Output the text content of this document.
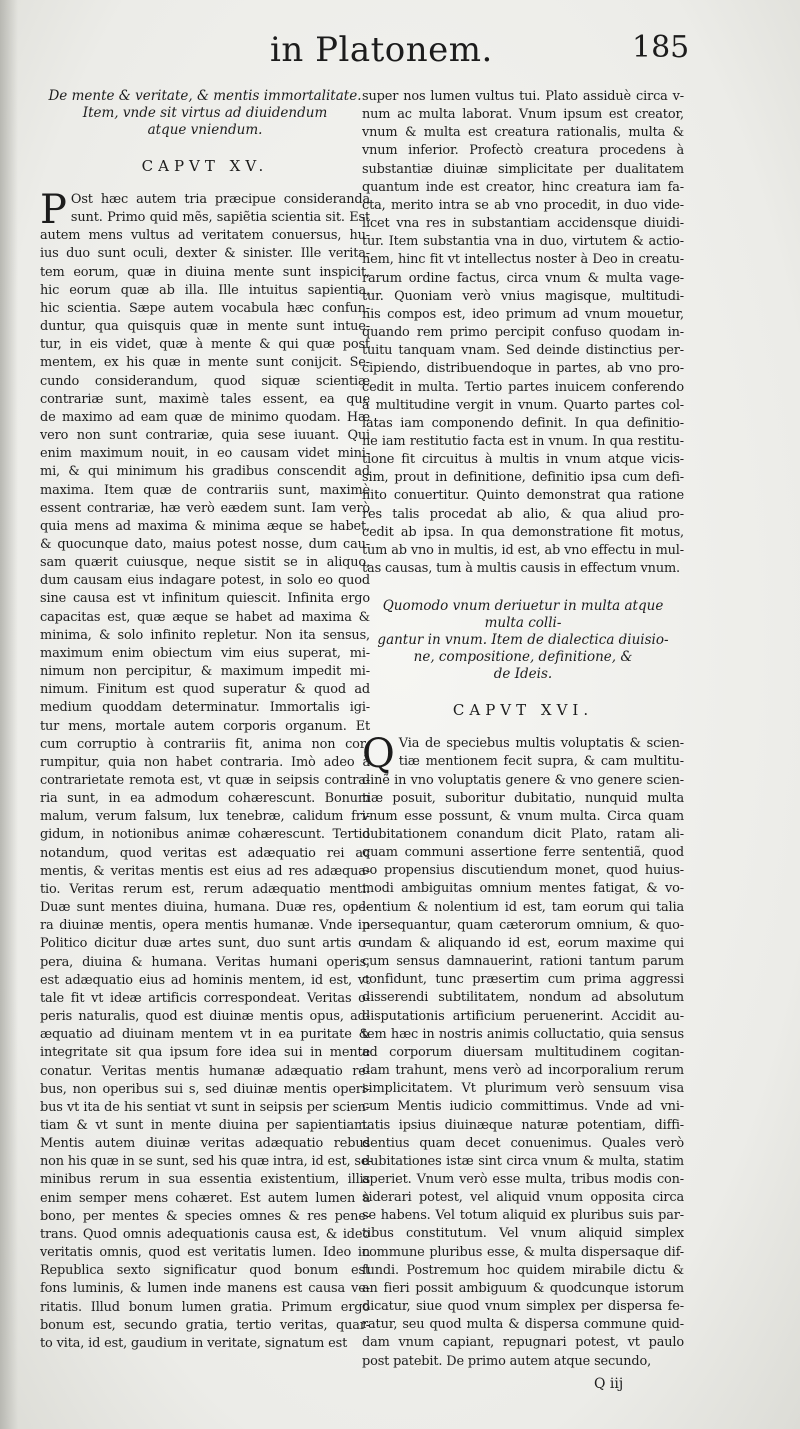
in Platonem.	185
De mente & veritate, & mentis immortalitate.
Item, vnde sit virtus ad diuidendum
atque vniendum.
CAPVT XV.
P Ost hæc autem tria præcipue consideranda
sunt. Primo quid mẽs, sapiẽtia scientia sit. Est
autem mens vultus ad veritatem conuersus, hu-
ius duo sunt oculi, dexter & sinister. Ille verita-
tem eorum, quæ in diuina mente sunt inspicit,
hic eorum quæ ab illa. Ille intuitus sapientia,
hic scientia. Sæpe autem vocabula hæc confun-
duntur, qua quisquis quæ in mente sunt intue-
tur, in eis videt, quæ à mente & qui quæ post
mentem, ex his quæ in mente sunt conijcit. Se-
cundo considerandum, quod siquæ scientiæ
contrariæ sunt, maximè tales essent, ea quę
de maximo ad eam quæ de minimo quodam. Hæ
vero non sunt contrariæ, quia sese iuuant. Qui
enim maximum nouit, in eo causam videt mini-
mi, & qui minimum his gradibus conscendit ad
maxima. Item quæ de contrariis sunt, maximè
essent contrariæ, hæ verò eædem sunt. Iam verò
quia mens ad maxima & minima æque se habet,
& quocunque dato, maius potest nosse, dum cau-
sam quærit cuiusque, neque sistit se in aliquo,
dum causam eius indagare potest, in solo eo quod
sine causa est vt infinitum quiescit. Infinita ergo
capacitas est, quæ æque se habet ad maxima &
minima, & solo infinito repletur. Non ita sensus,
maximum enim obiectum vim eius superat, mi-
nimum non percipitur, & maximum impedit mi-
nimum. Finitum est quod superatur & quod ad
medium quoddam determinatur. Immortalis igi-
tur mens, mortale autem corporis organum. Et
cum corruptio à contrariis fit, anima non cor-
rumpitur, quia non habet contraria. Imò adeo à
contrarietate remota est, vt quæ in seipsis contra-
ria sunt, in ea admodum cohærescunt. Bonum
malum, verum falsum, lux tenebræ, calidum fri-
gidum, in notionibus animæ cohærescunt. Tertio
notandum, quod veritas est adæquatio rei ac
mentis, & veritas mentis est eius ad res adæqua-
tio. Veritas rerum est, rerum adæquatio menti.
Duæ sunt mentes diuina, humana. Duæ res, ope-
ra diuinæ mentis, opera mentis humanæ. Vnde in
Politico dicitur duæ artes sunt, duo sunt artis o-
pera, diuina & humana. Veritas humani operis,
est adæquatio eius ad hominis mentem, id est, vt
tale fit vt ideæ artificis correspondeat. Veritas o-
peris naturalis, quod est diuinæ mentis opus, ad-
æquatio ad diuinam mentem vt in ea puritate &
integritate sit qua ipsum fore idea sui in mente
conatur. Veritas mentis humanæ adæquatio re-
bus, non operibus sui s, sed diuinæ mentis operi-
bus vt ita de his sentiat vt sunt in seipsis per scien-
tiam & vt sunt in mente diuina per sapientiam.
Mentis autem diuinæ veritas adæquatio rebus
non his quæ in se sunt, sed his quæ intra, id est, se-
minibus rerum in sua essentia existentium, illis
enim semper mens cohæret. Est autem lumen à
bono, per mentes & species omnes & res pene-
trans. Quod omnis adequationis causa est, & ideo
veritatis omnis, quod est veritatis lumen. Ideo in
Republica sexto significatur quod bonum est
fons luminis, & lumen inde manens est causa ve-
ritatis. Illud bonum lumen gratia. Primum ergo
bonum est, secundo gratia, tertio veritas, quar-
to vita, id est, gaudium in veritate, signatum est
super nos lumen vultus tui. Plato assiduè circa v-
num ac multa laborat. Vnum ipsum est creator,
vnum & multa est creatura rationalis, multa &
vnum inferior. Profectò creatura procedens à
substantiæ diuinæ simplicitate per dualitatem
quantum inde est creator, hinc creatura iam fa-
cta, merito intra se ab vno procedit, in duo vide-
licet vna res in substantiam accidensque diuidi-
tur. Item substantia vna in duo, virtutem & actio-
nem, hinc fit vt intellectus noster à Deo in creatu-
rarum ordine factus, circa vnum & multa vage-
tur. Quoniam verò vnius magisque, multitudi-
nis compos est, ideo primum ad vnum mouetur,
quando rem primo percipit confuso quodam in-
tuitu tanquam vnam. Sed deinde distinctius per-
cipiendo, distribuendoque in partes, ab vno pro-
cedit in multa. Tertio partes inuicem conferendo
à multitudine vergit in vnum. Quarto partes col-
latas iam componendo definit. In qua definitio-
ne iam restitutio facta est in vnum. In qua restitu-
tione fit circuitus à multis in vnum atque vicis-
sim, prout in definitione, definitio ipsa cum defi-
nito conuertitur. Quinto demonstrat qua ratione
res talis procedat ab alio, & qua aliud pro-
cedit ab ipsa. In qua demonstratione fit motus,
tum ab vno in multis, id est, ab vno effectu in mul-
tas causas, tum à multis causis in effectum vnum.
Quomodo vnum deriuetur in multa atque multa colli-
gantur in vnum. Item de dialectica diuisio-
ne, compositione, definitione, &
de Ideis.
CAPVT XVI.
Q Via de speciebus multis voluptatis & scien-
tiæ mentionem fecit supra, & cam multitu-
dinẽ in vno voluptatis genere & vno genere scien-
tiæ posuit, suboritur dubitatio, nunquid multa
vnum esse possunt, & vnum multa. Circa quam
dubitationem conandum dicit Plato, ratam ali-
quam communi assertione ferre sententiã, quod
eo propensius discutiendum monet, quod huius-
modi ambiguitas omnium mentes fatigat, & vo-
lentium & nolentium id est, tam eorum qui talia
persequantur, quam cæterorum omnium, & quo-
rundam & aliquando id est, eorum maxime qui
cum sensus damnauerint, rationi tantum parum
confidunt, tunc præsertim cum prima aggressi
disserendi subtilitatem, nondum ad absolutum
disputationis artificium peruenerint. Accidit au-
tem hæc in nostris animis colluctatio, quia sensus
ad corporum diuersam multitudinem cogitan-
dam trahunt, mens verò ad incorporalium rerum
simplicitatem. Vt plurimum verò sensuum visa
cum Mentis iudicio committimus. Vnde ad vni-
tatis ipsius diuinæque naturæ potentiam, diffi-
dentius quam decet conuenimus. Quales verò
dubitationes istæ sint circa vnum & multa, statim
aperiet. Vnum verò esse multa, tribus modis con-
siderari potest, vel aliquid vnum opposita circa
se habens. Vel totum aliquid ex pluribus suis par-
tibus constitutum. Vel vnum aliquid simplex
commune pluribus esse, & multa dispersaque dif-
fundi. Postremum hoc quidem mirabile dictu &
an fieri possit ambiguum & quodcunque istorum
dicatur, siue quod vnum simplex per dispersa fe-
ratur, seu quod multa & dispersa commune quid-
dam vnum capiant, repugnari potest, vt paulo
post patebit. De primo autem atque secundo,
Q iij
